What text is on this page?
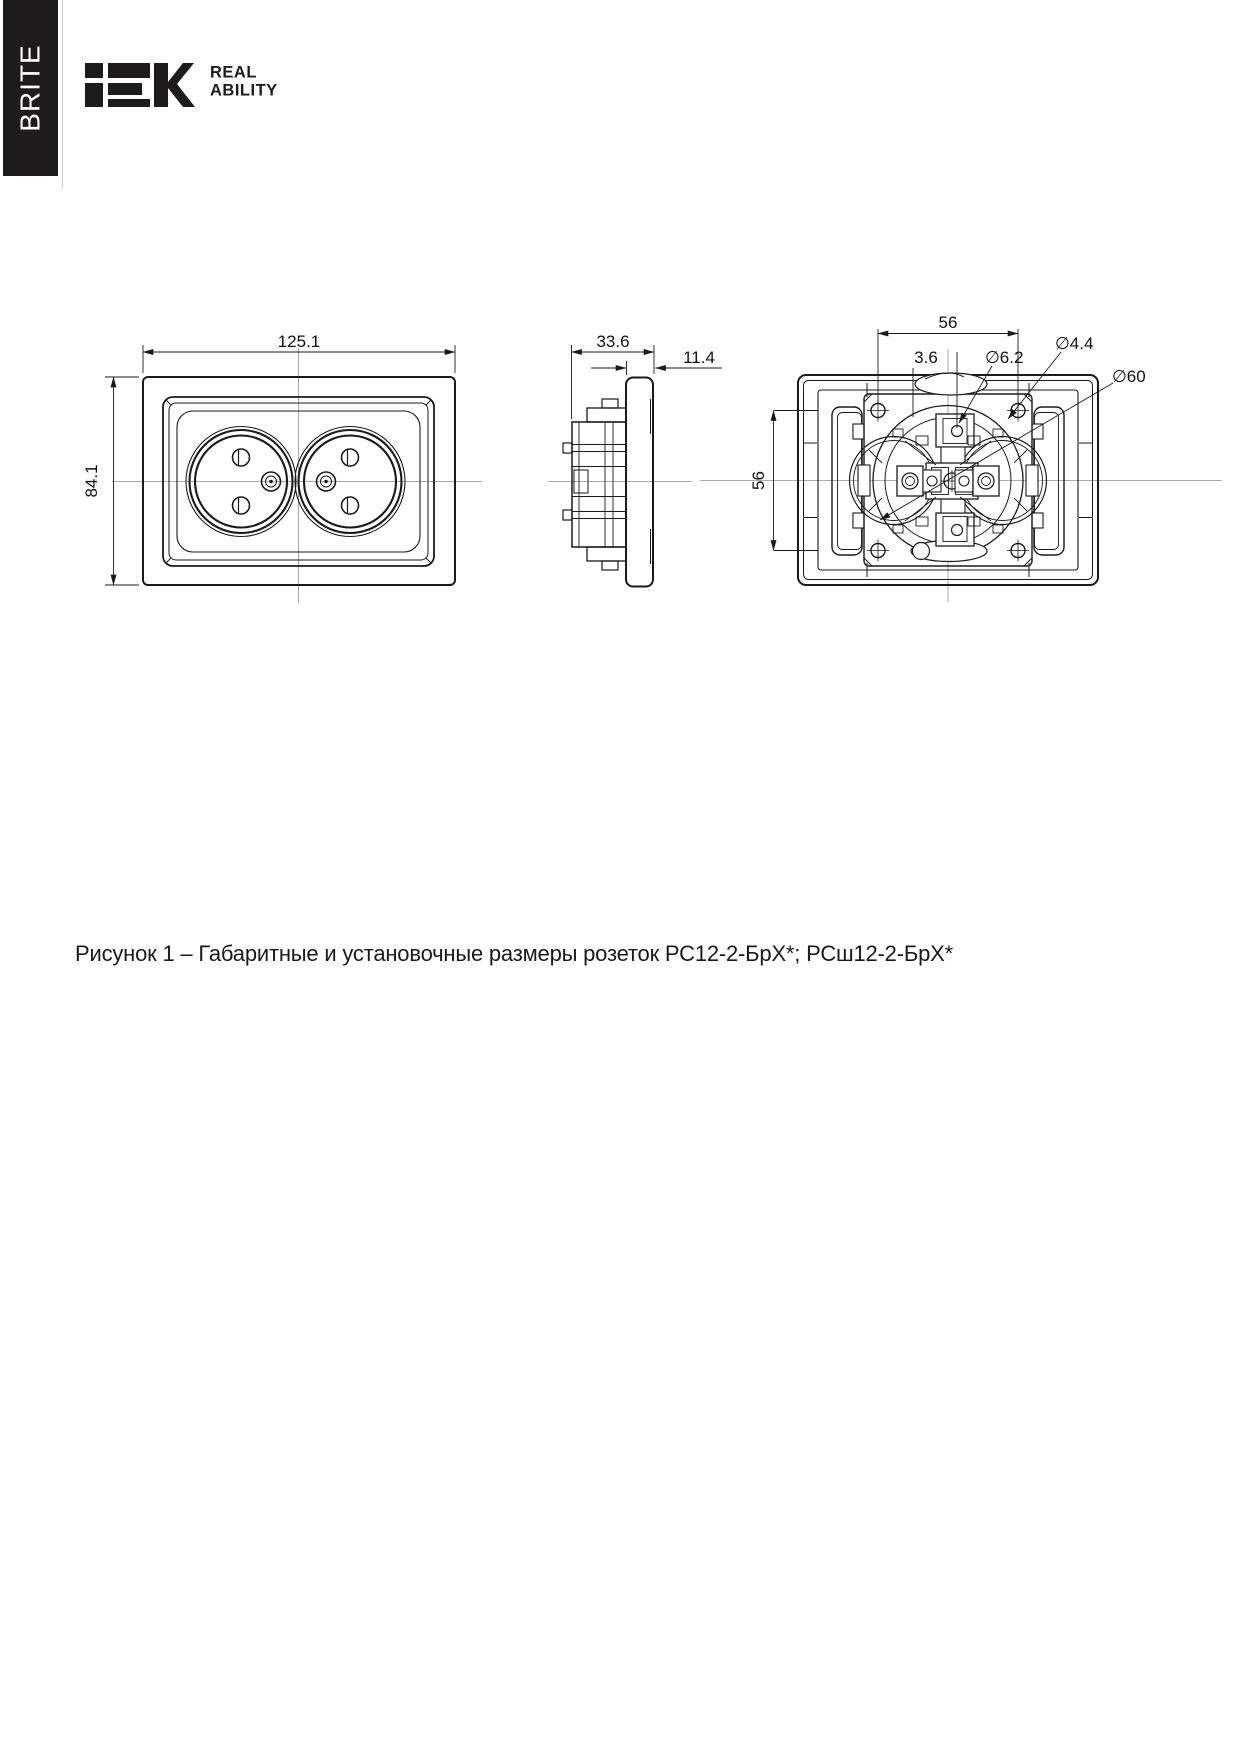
BRITE	REAL
ABILITY
125.1
84.1
33.6
11.4
56
56
3.6	∅6.2
∅4.4
∅60
Рисунок 1 – Габаритные и установочные размеры розеток РС12-2-БрХ*; РСш12-2-БрХ*
